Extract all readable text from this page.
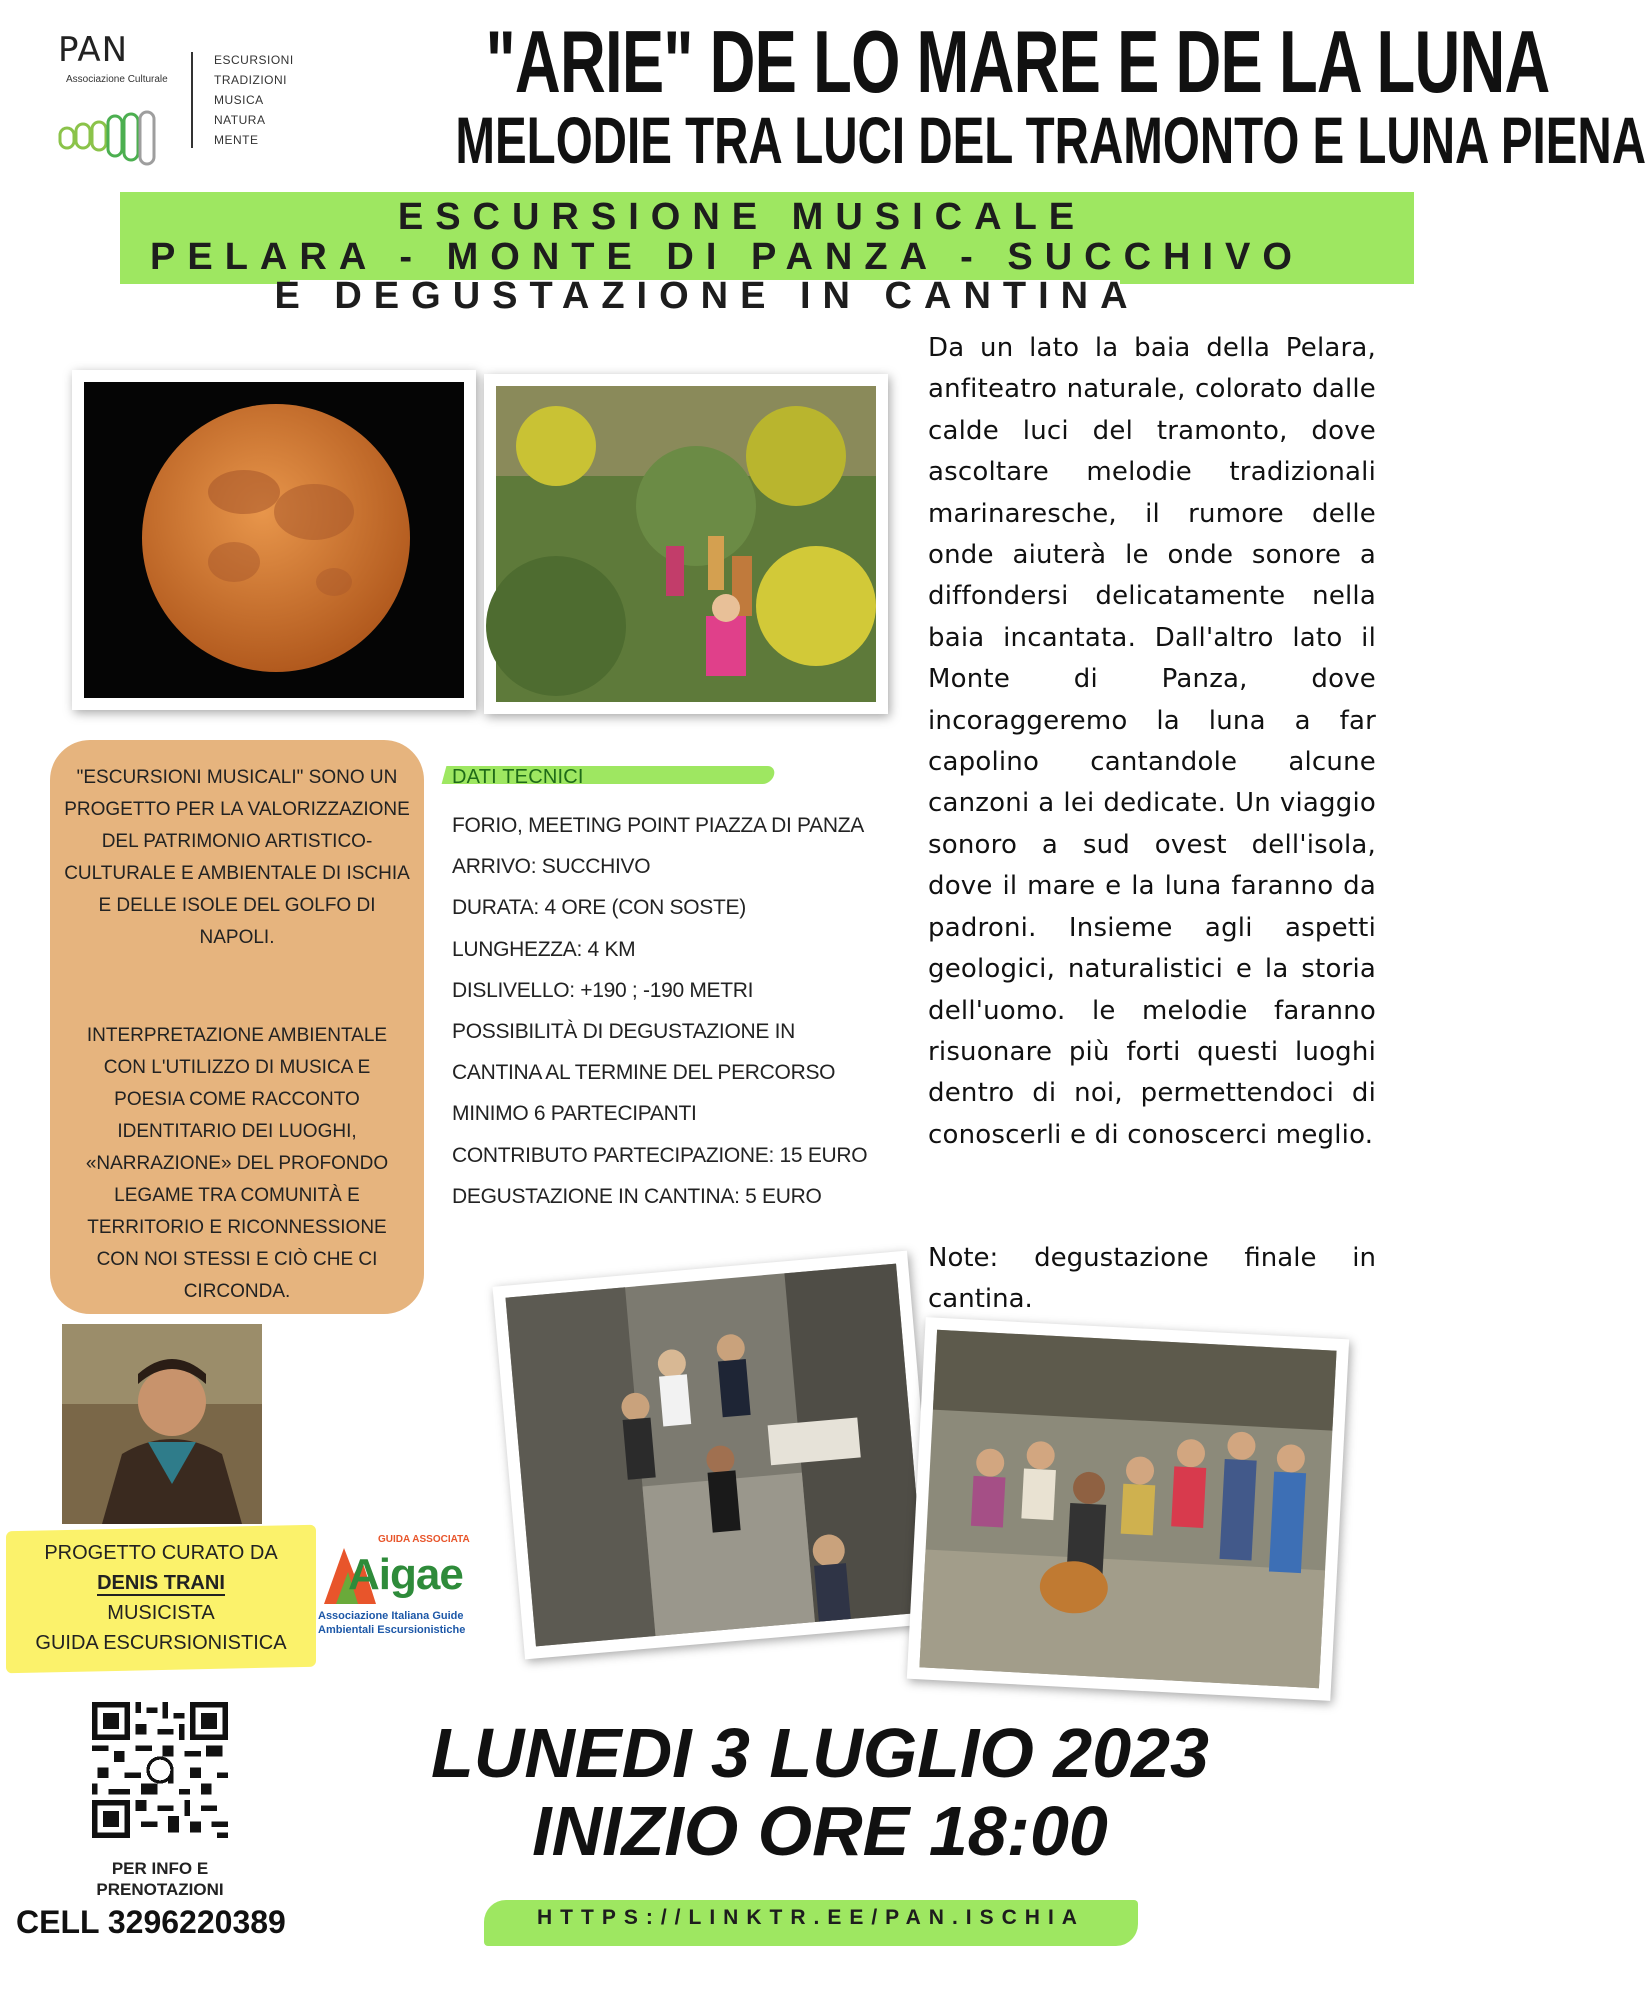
PAN
Associazione Culturale
ESCURSIONI
TRADIZIONI
MUSICA
NATURA
MENTE
"ARIE" DE LO MARE E DE LA LUNA
MELODIE TRA LUCI DEL TRAMONTO E LUNA PIENA
ESCURSIONE MUSICALE
PELARA - MONTE DI PANZA - SUCCHIVO
E DEGUSTAZIONE IN CANTINA
Da un lato la baia della Pelara, anfiteatro naturale, colorato dalle calde luci del tramonto, dove ascoltare melodie tradizionali marinaresche, il rumore delle onde aiuterà le onde sonore a diffondersi delicatamente nella baia incantata. Dall'altro lato il Monte di Panza, dove incoraggeremo la luna a far capolino cantandole alcune canzoni a lei dedicate. Un viaggio sonoro a sud ovest dell'isola, dove il mare e la luna faranno da padroni. Insieme agli aspetti geologici, naturalistici e la storia dell'uomo. le melodie faranno risuonare più forti questi luoghi dentro di noi, permettendoci di conoscerli e di conoscerci meglio.
Note: degustazione finale in cantina.
"ESCURSIONI MUSICALI" SONO UN PROGETTO PER LA VALORIZZAZIONE DEL PATRIMONIO ARTISTICO-CULTURALE E AMBIENTALE DI ISCHIA E DELLE ISOLE DEL GOLFO DI NAPOLI.
INTERPRETAZIONE AMBIENTALE CON L'UTILIZZO DI MUSICA E POESIA COME RACCONTO IDENTITARIO DEI LUOGHI, «NARRAZIONE» DEL PROFONDO LEGAME TRA COMUNITÀ E TERRITORIO E RICONNESSIONE CON NOI STESSI E CIÒ CHE CI CIRCONDA.
DATI TECNICI
FORIO, MEETING POINT PIAZZA DI PANZA
ARRIVO: SUCCHIVO
DURATA: 4 ORE (CON SOSTE)
LUNGHEZZA: 4 KM
DISLIVELLO: +190 ; -190 METRI
POSSIBILITÀ DI DEGUSTAZIONE IN
CANTINA AL TERMINE DEL PERCORSO
MINIMO 6 PARTECIPANTI
CONTRIBUTO PARTECIPAZIONE: 15 EURO
DEGUSTAZIONE IN CANTINA: 5 EURO
PROGETTO CURATO DA
DENIS TRANI
MUSICISTA
GUIDA ESCURSIONISTICA
GUIDA ASSOCIATA
Aigae
Associazione Italiana Guide
Ambientali Escursionistiche
PER INFO E PRENOTAZIONI
CELL 3296220389
LUNEDI 3 LUGLIO 2023
INIZIO ORE 18:00
HTTPS://LINKTR.EE/PAN.ISCHIA
